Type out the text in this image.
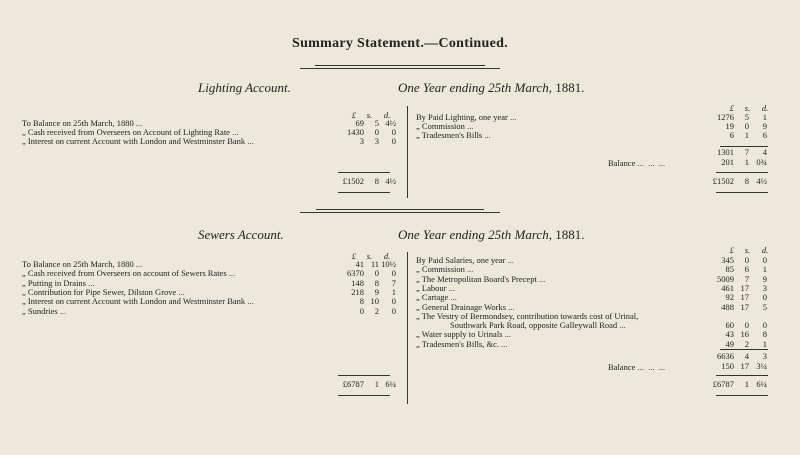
Summary Statement.—Continued.
Lighting Account.	One Year ending 25th March, 1881.
£ s. d.
£ s. d.
To Balance on 25th March, 1880 ...	69 5 4½
„ Cash received from Overseers on Account of Lighting Rate ...	1430 0 0
„ Interest on current Account with London and Westminster Bank ...	3 3 0
By Paid Lighting, one year ...	1276 5 1
„ Commission ...	19 0 9
„ Tradesmen's Bills ...	6 1 6
1301 7 4
Balance ...  ...  ...	201 1 0¾
£1502 8 4½	£1502 8 4½
Sewers Account.	One Year ending 25th March, 1881.
£ s. d.
£ s. d.
To Balance on 25th March, 1880 ...	41 11 10½
„ Cash received from Overseers on account of Sewers Rates ...	6370 0 0
„ Putting in Drains ...	148 8 7
„ Contribution for Pipe Sewer, Dilston Grove ...	218 9 1
„ Interest on current Account with London and Westminster Bank ...	8 10 0
„ Sundries ...	0 2 0
By Paid Salaries, one year ...	345 0 0
„ Commission ...	85 6 1
„ The Metropolitan Board's Precept ...	5009 7 9
„ Labour ...	461 17 3
„ Cartage ...	92 17 0
„ General Drainage Works ...	488 17 5
„ The Vestry of Bermondsey, contribution towards cost of Urinal,
Southwark Park Road, opposite Galleywall Road ...	60 0 0
„ Water supply to Urinals ...	43 16 8
„ Tradesmen's Bills, &c. ...	49 2 1
6636 4 3
Balance ...  ...  ...	150 17 3¼
£6787 1 6¼	£6787 1 6¼
